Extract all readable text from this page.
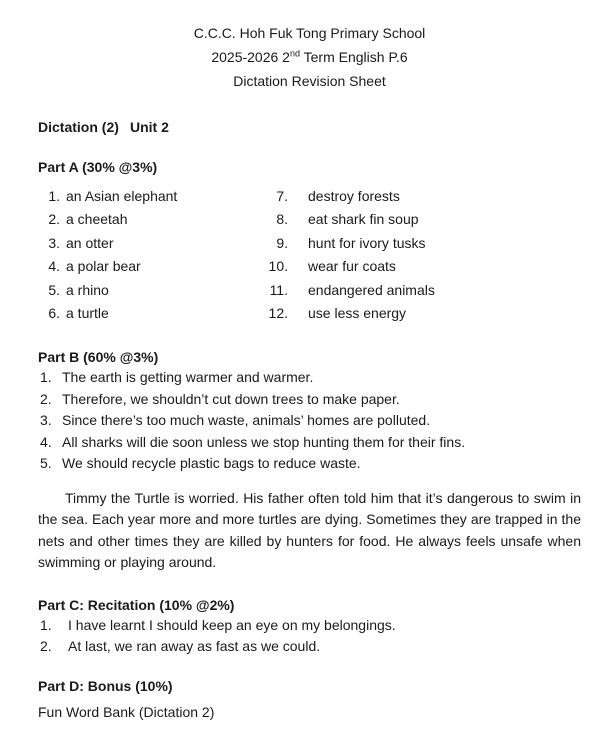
C.C.C. Hoh Fuk Tong Primary School

2025-2026 2nd Term English P.6

Dictation Revision Sheet

Dictation (2) Unit 2

Part A (30% @3%)

1. an Asian elephant	7. destroy forests
2. a cheetah	8. eat shark fin soup
3. an otter	9. hunt for ivory tusks
4. a polar bear	10. wear fur coats
5. a rhino	11. endangered animals
6. a turtle	12. use less energy

Part B (60% @3%)

1. The earth is getting warmer and warmer.
2. Therefore, we shouldn’t cut down trees to make paper.
3. Since there’s too much waste, animals’ homes are polluted.
4. All sharks will die soon unless we stop hunting them for their fins.
5. We should recycle plastic bags to reduce waste.

Timmy the Turtle is worried. His father often told him that it’s dangerous to swim in the sea. Each year more and more turtles are dying. Sometimes they are trapped in the nets and other times they are killed by hunters for food. He always feels unsafe when swimming or playing around.

Part C: Recitation (10% @2%)

1.	I have learnt I should keep an eye on my belongings.
2.	At last, we ran away as fast as we could.

Part D: Bonus (10%)

Fun Word Bank (Dictation 2)
